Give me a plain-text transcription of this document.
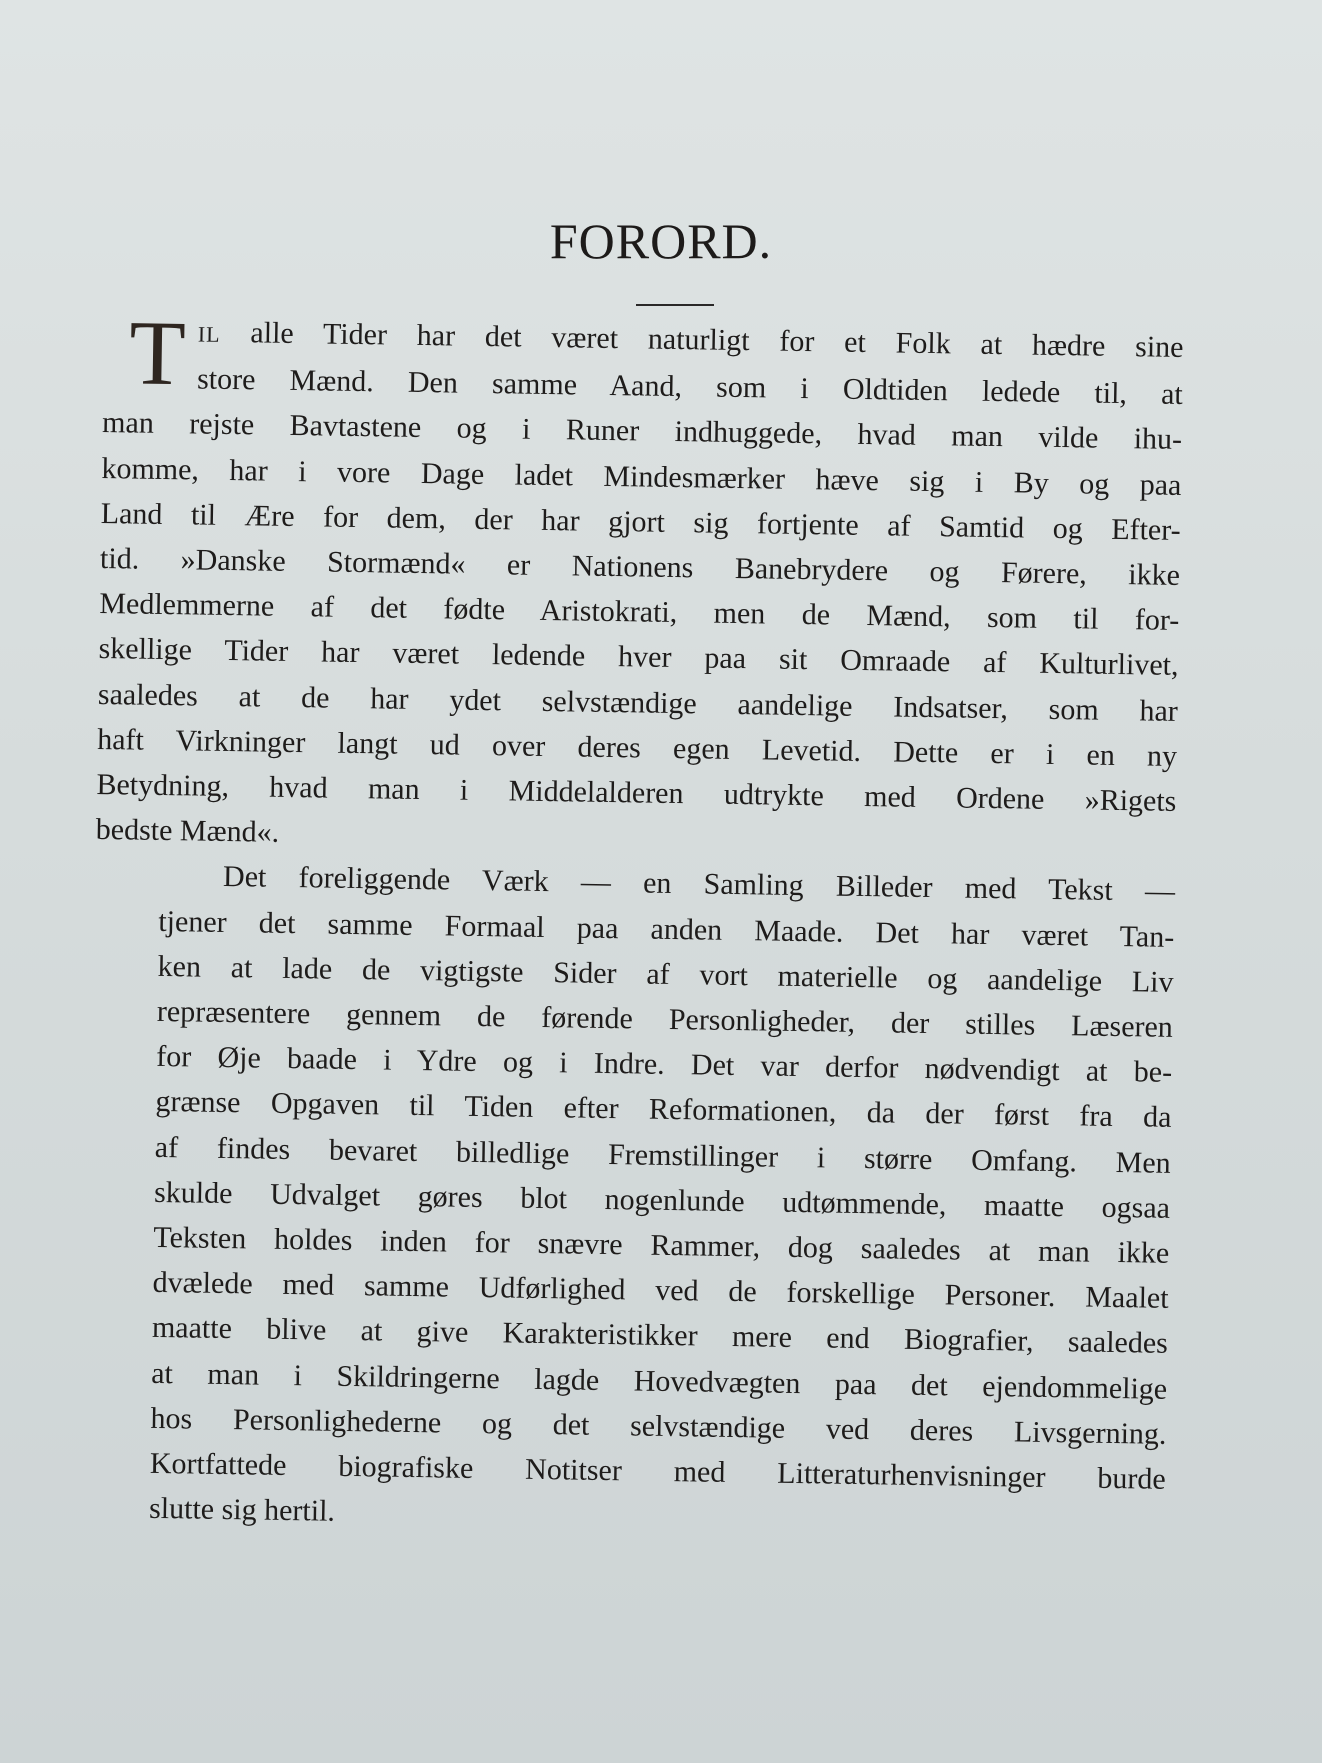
FORORD.

T IL alle Tider har det været naturligt for et Folk at hædre sine
store Mænd. Den samme Aand, som i Oldtiden ledede til, at
man rejste Bavtastene og i Runer indhuggede, hvad man vilde ihu-
komme, har i vore Dage ladet Mindesmærker hæve sig i By og paa
Land til Ære for dem, der har gjort sig fortjente af Samtid og Efter-
tid. »Danske Stormænd« er Nationens Banebrydere og Førere, ikke
Medlemmerne af det fødte Aristokrati, men de Mænd, som til for-
skellige Tider har været ledende hver paa sit Omraade af Kulturlivet,
saaledes at de har ydet selvstændige aandelige Indsatser, som har
haft Virkninger langt ud over deres egen Levetid. Dette er i en ny
Betydning, hvad man i Middelalderen udtrykte med Ordene »Rigets
bedste Mænd«.

Det foreliggende Værk — en Samling Billeder med Tekst —
tjener det samme Formaal paa anden Maade. Det har været Tan-
ken at lade de vigtigste Sider af vort materielle og aandelige Liv
repræsentere gennem de førende Personligheder, der stilles Læseren
for Øje baade i Ydre og i Indre. Det var derfor nødvendigt at be-
grænse Opgaven til Tiden efter Reformationen, da der først fra da
af findes bevaret billedlige Fremstillinger i større Omfang. Men
skulde Udvalget gøres blot nogenlunde udtømmende, maatte ogsaa
Teksten holdes inden for snævre Rammer, dog saaledes at man ikke
dvælede med samme Udførlighed ved de forskellige Personer. Maalet
maatte blive at give Karakteristikker mere end Biografier, saaledes
at man i Skildringerne lagde Hovedvægten paa det ejendommelige
hos Personlighederne og det selvstændige ved deres Livsgerning.
Kortfattede biografiske Notitser med Litteraturhenvisninger burde
slutte sig hertil.
